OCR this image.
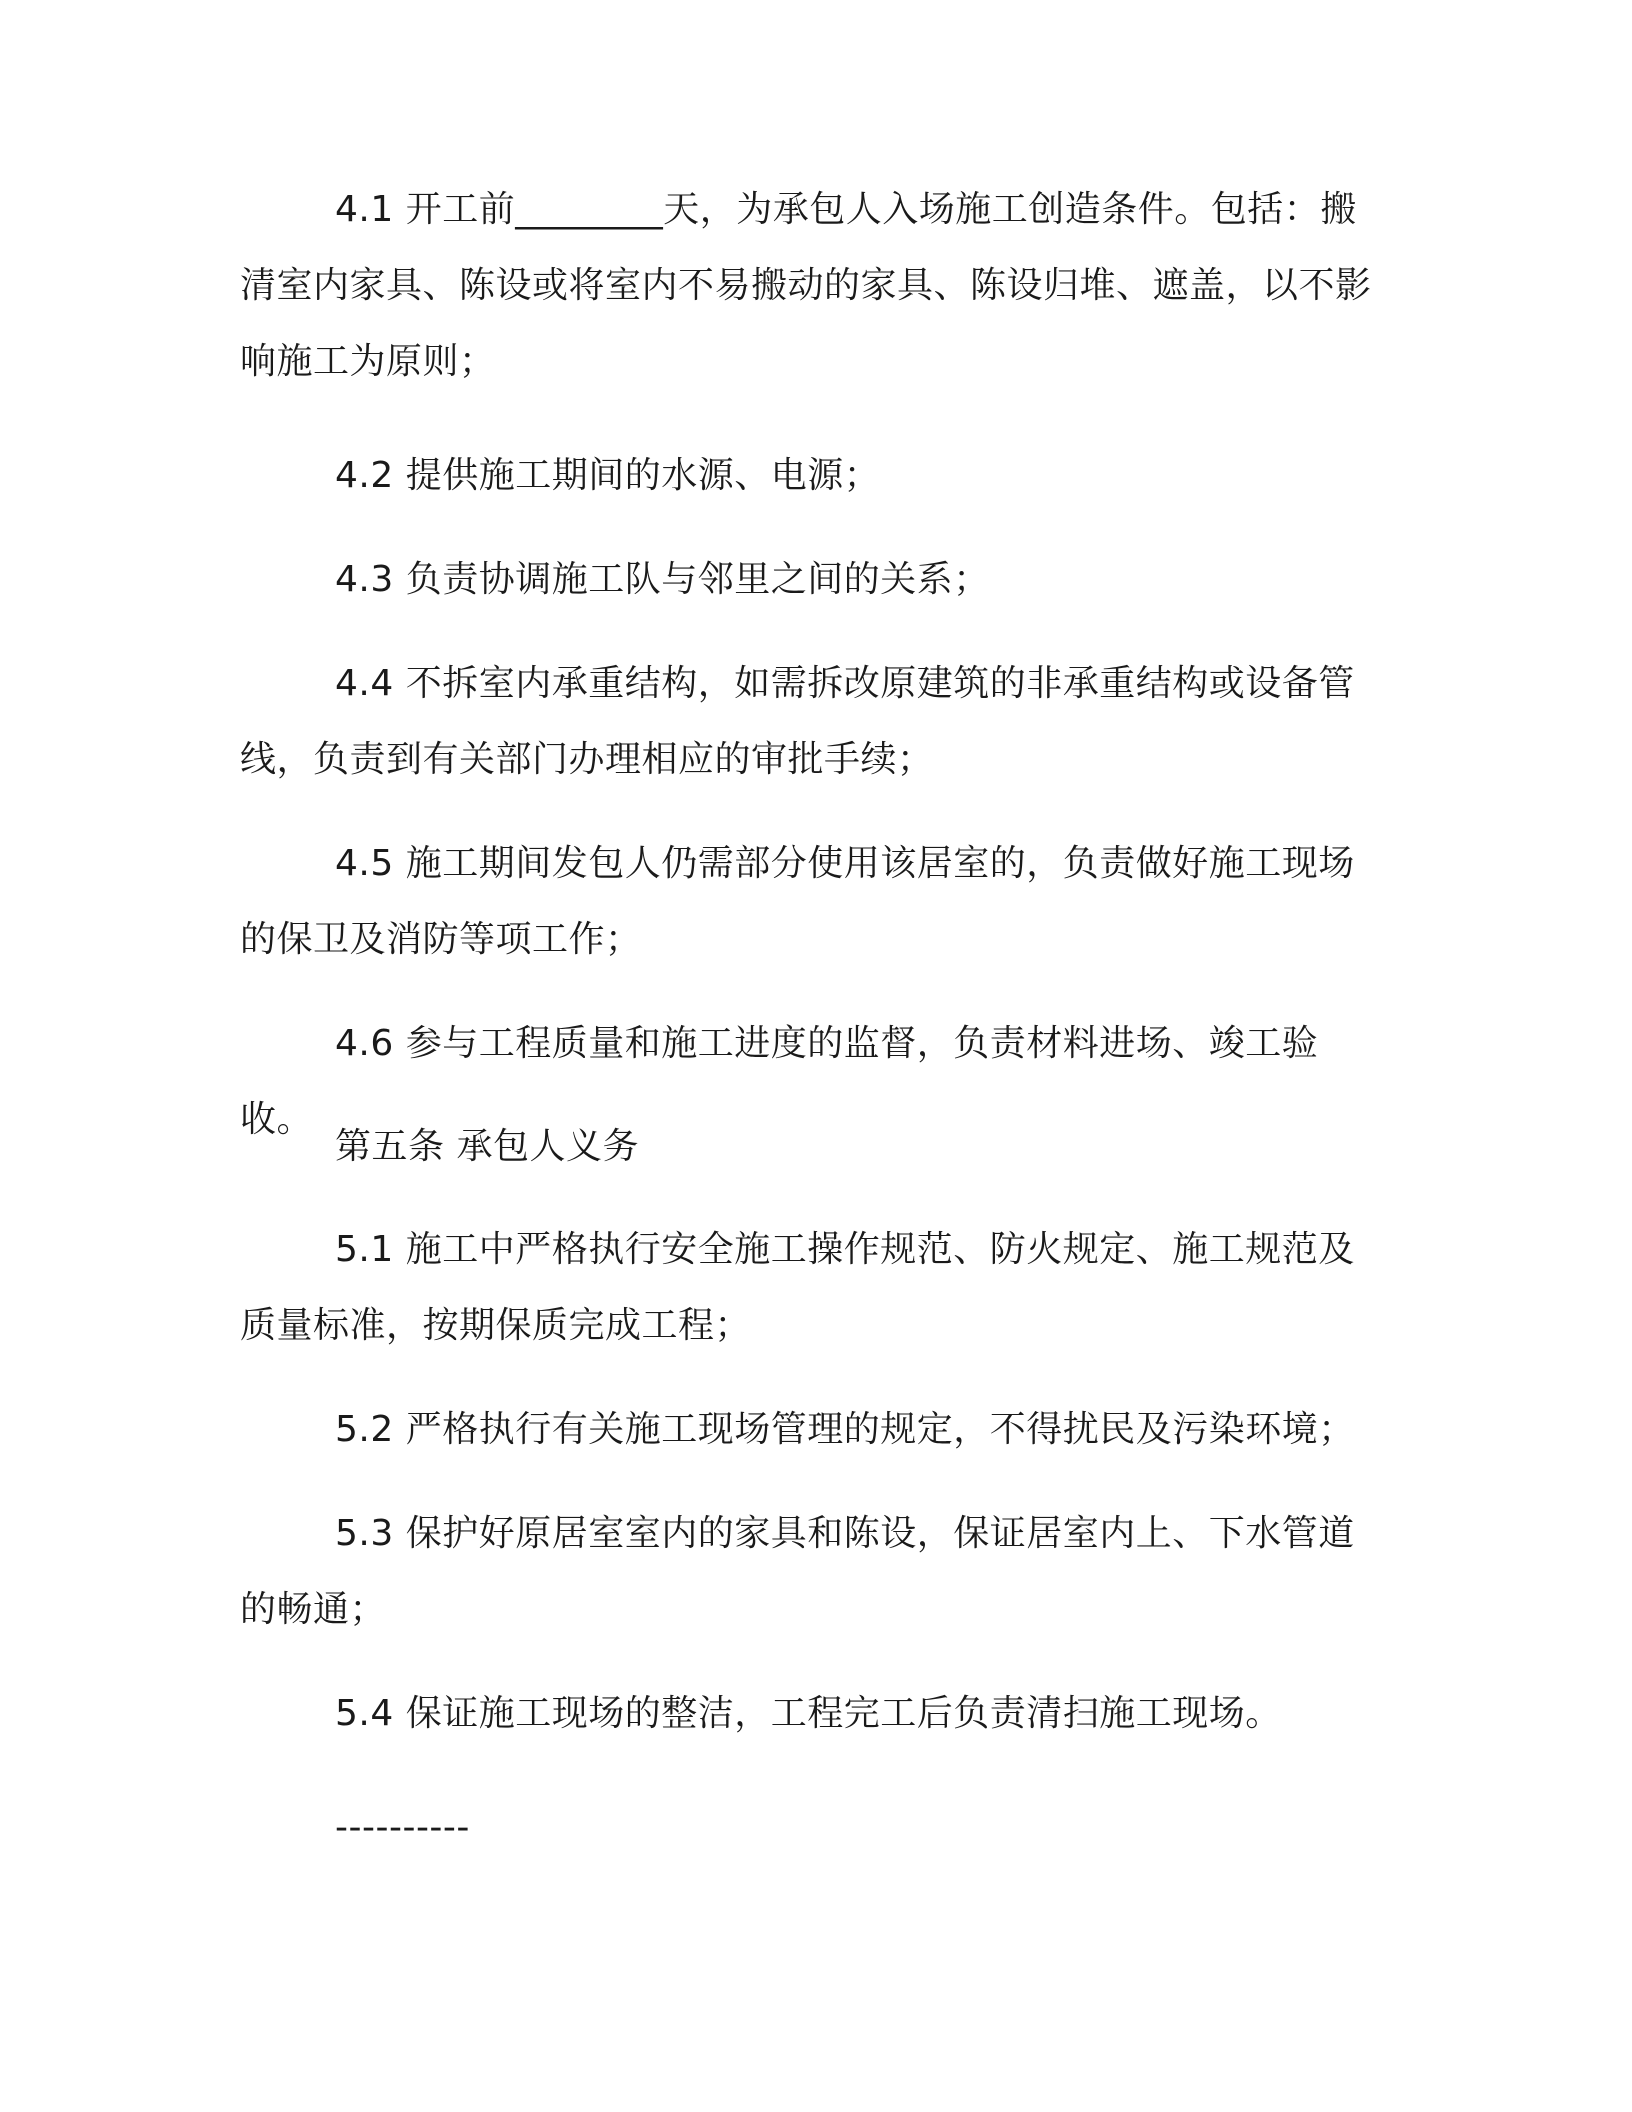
4.1 开工前________天，为承包人入场施工创造条件。包括：搬清室内家具、陈设或将室内不易搬动的家具、陈设归堆、遮盖，以不影响施工为原则；

4.2 提供施工期间的水源、电源；

4.3 负责协调施工队与邻里之间的关系；

4.4 不拆室内承重结构，如需拆改原建筑的非承重结构或设备管线，负责到有关部门办理相应的审批手续；

4.5 施工期间发包人仍需部分使用该居室的，负责做好施工现场的保卫及消防等项工作；

4.6 参与工程质量和施工进度的监督，负责材料进场、竣工验收。

第五条 承包人义务

5.1 施工中严格执行安全施工操作规范、防火规定、施工规范及质量标准，按期保质完成工程；

5.2 严格执行有关施工现场管理的规定，不得扰民及污染环境；

5.3 保护好原居室室内的家具和陈设，保证居室内上、下水管道的畅通；

5.4 保证施工现场的整洁，工程完工后负责清扫施工现场。

----------
